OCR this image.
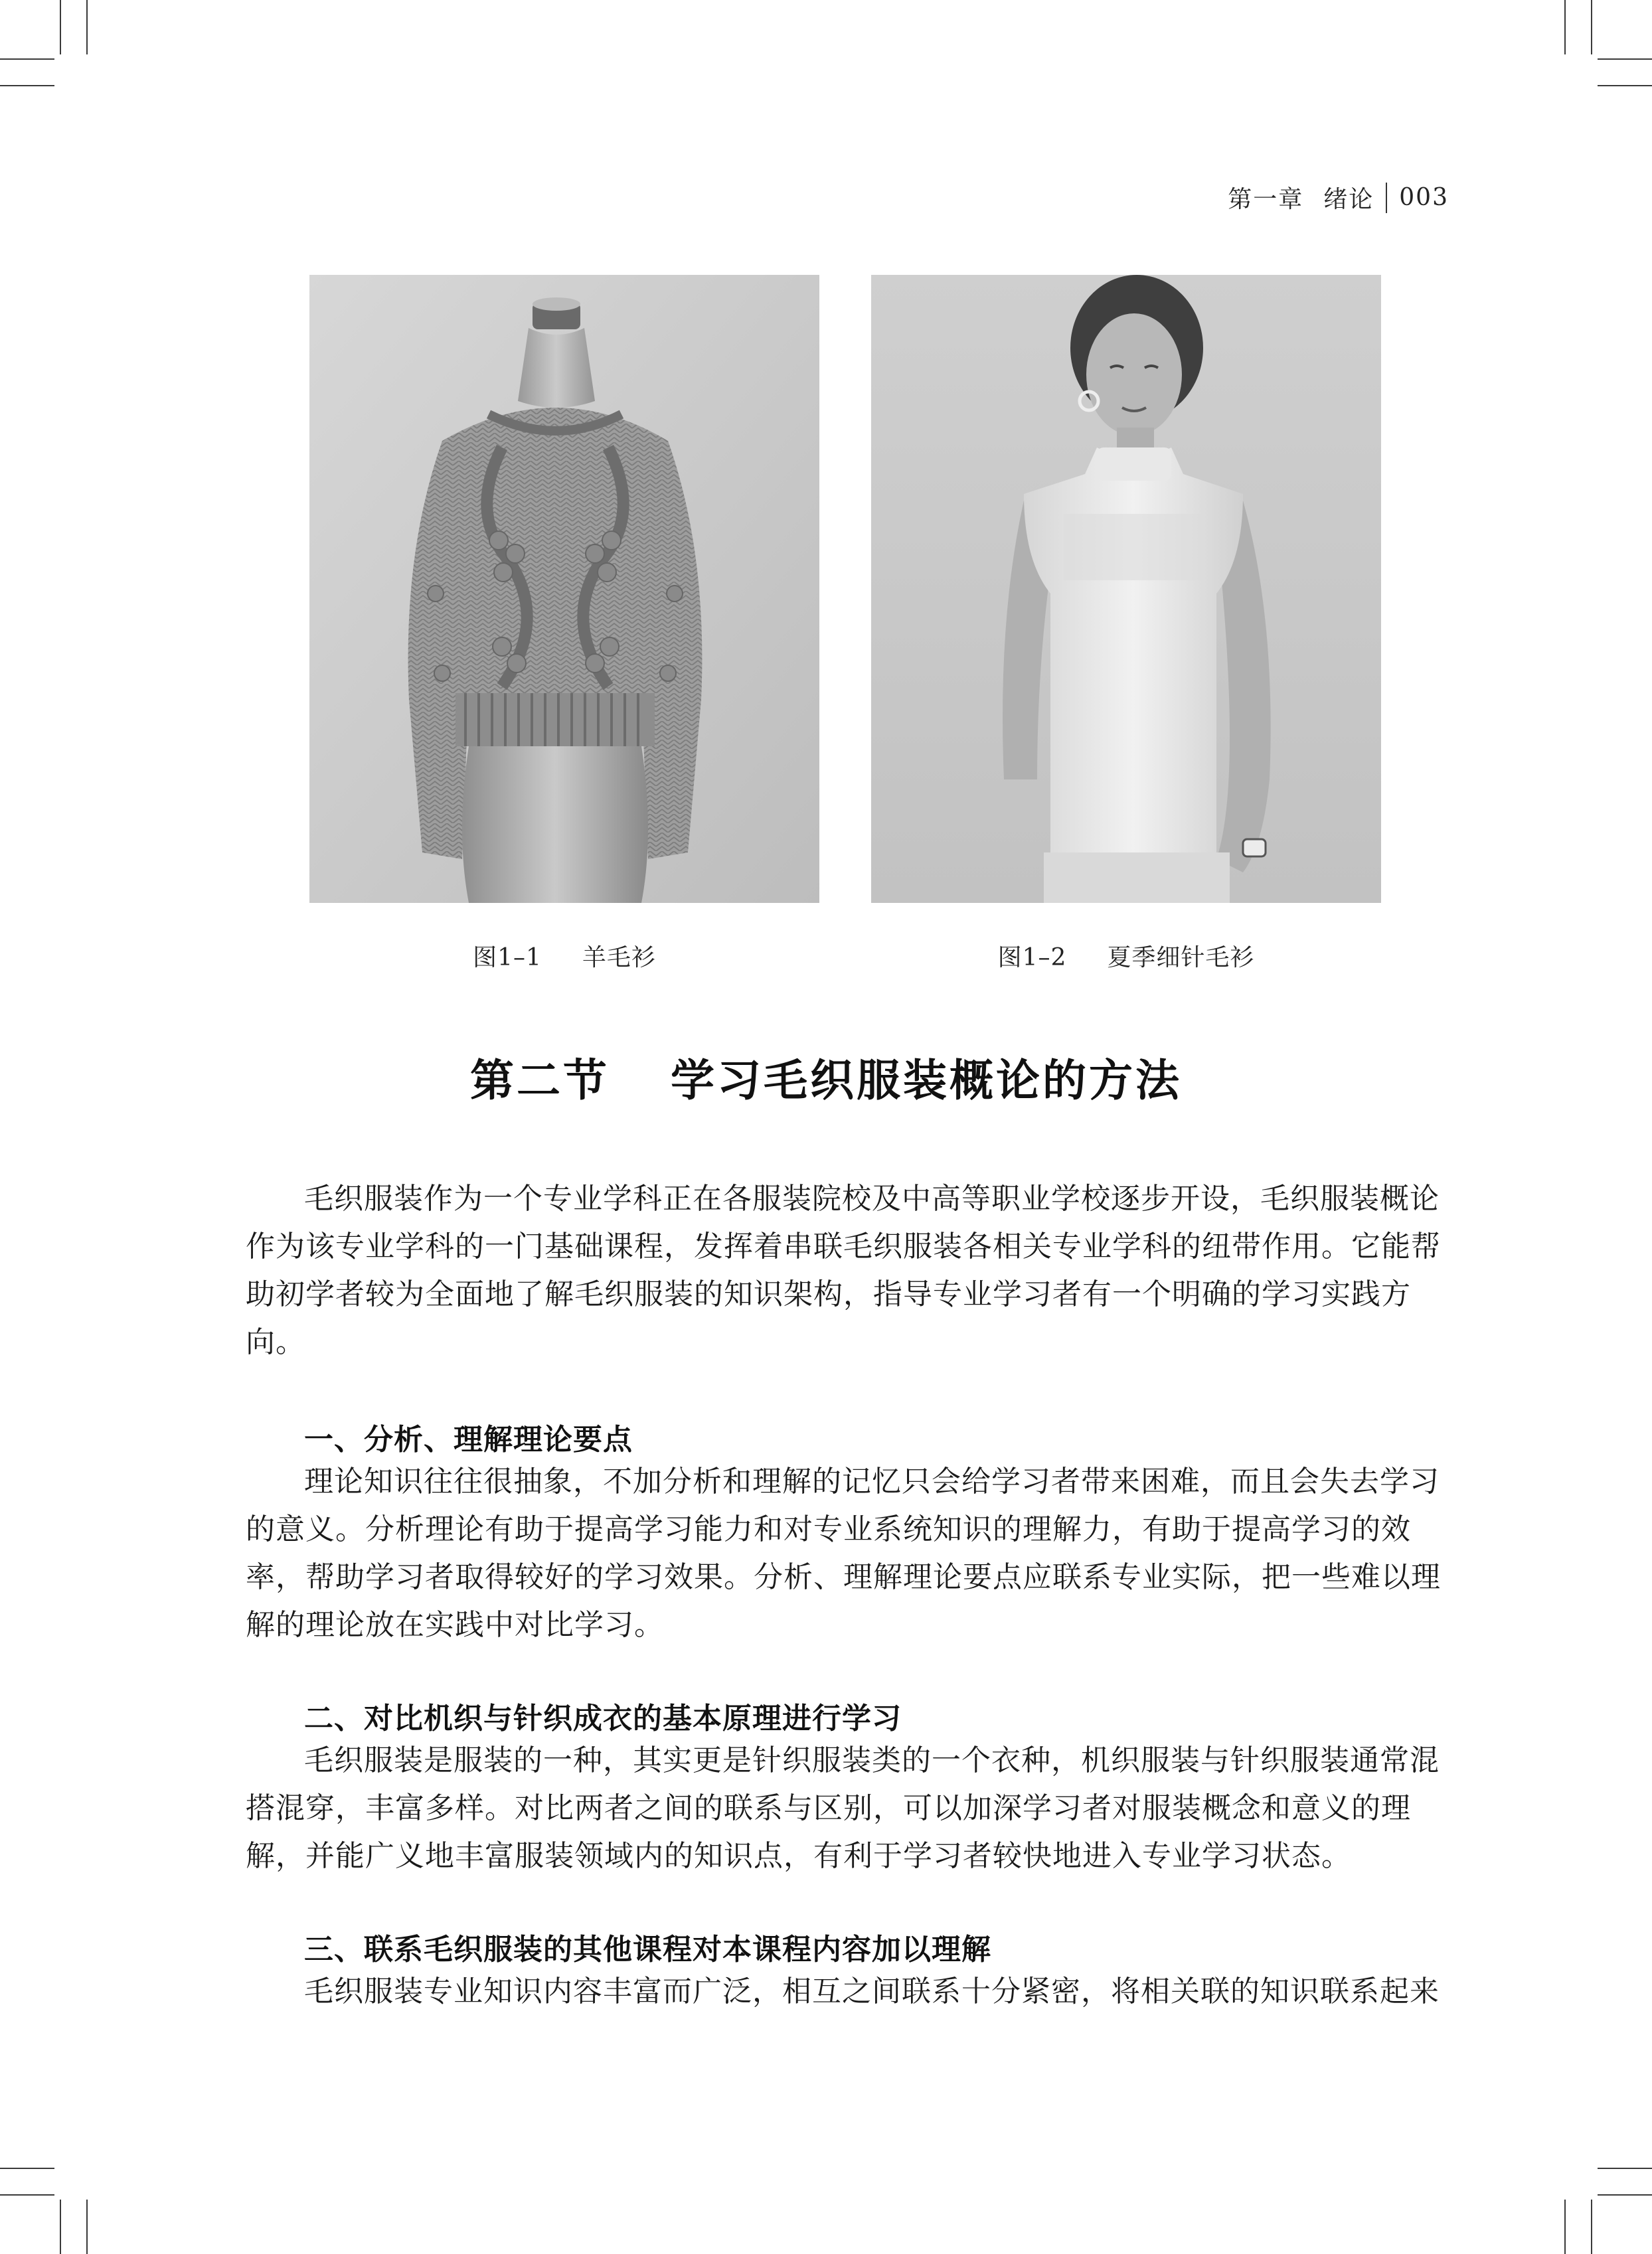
第一章 绪论 003
图1–1 羊毛衫	图1–2 夏季细针毛衫
第二节 学习毛织服装概论的方法

毛织服装作为一个专业学科正在各服装院校及中高等职业学校逐步开设，毛织服装概论作为该专业学科的一门基础课程，发挥着串联毛织服装各相关专业学科的纽带作用。它能帮助初学者较为全面地了解毛织服装的知识架构，指导专业学习者有一个明确的学习实践方向。

一、分析、理解理论要点

理论知识往往很抽象，不加分析和理解的记忆只会给学习者带来困难，而且会失去学习的意义。分析理论有助于提高学习能力和对专业系统知识的理解力，有助于提高学习的效率，帮助学习者取得较好的学习效果。分析、理解理论要点应联系专业实际，把一些难以理解的理论放在实践中对比学习。

二、对比机织与针织成衣的基本原理进行学习

毛织服装是服装的一种，其实更是针织服装类的一个衣种，机织服装与针织服装通常混搭混穿，丰富多样。对比两者之间的联系与区别，可以加深学习者对服装概念和意义的理解，并能广义地丰富服装领域内的知识点，有利于学习者较快地进入专业学习状态。

三、联系毛织服装的其他课程对本课程内容加以理解

毛织服装专业知识内容丰富而广泛，相互之间联系十分紧密，将相关联的知识联系起来
